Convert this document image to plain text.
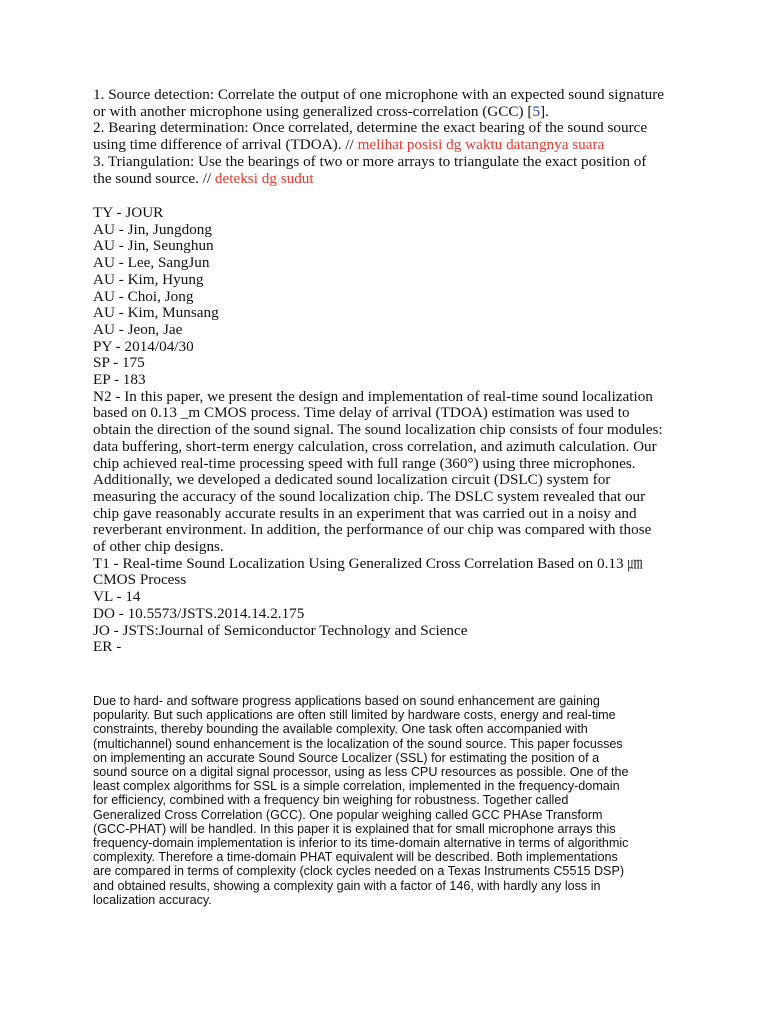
1. Source detection: Correlate the output of one microphone with an expected sound signature
or with another microphone using generalized cross-correlation (GCC) [5].
2. Bearing determination: Once correlated, determine the exact bearing of the sound source
using time difference of arrival (TDOA). // melihat posisi dg waktu datangnya suara
3. Triangulation: Use the bearings of two or more arrays to triangulate the exact position of
the sound source. // deteksi dg sudut
TY - JOUR
AU - Jin, Jungdong
AU - Jin, Seunghun
AU - Lee, SangJun
AU - Kim, Hyung
AU - Choi, Jong
AU - Kim, Munsang
AU - Jeon, Jae
PY - 2014/04/30
SP - 175
EP - 183
N2 - In this paper, we present the design and implementation of real-time sound localization
based on 0.13 _m CMOS process. Time delay of arrival (TDOA) estimation was used to
obtain the direction of the sound signal. The sound localization chip consists of four modules:
data buffering, short-term energy calculation, cross correlation, and azimuth calculation. Our
chip achieved real-time processing speed with full range (360°) using three microphones.
Additionally, we developed a dedicated sound localization circuit (DSLC) system for
measuring the accuracy of the sound localization chip. The DSLC system revealed that our
chip gave reasonably accurate results in an experiment that was carried out in a noisy and
reverberant environment. In addition, the performance of our chip was compared with those
of other chip designs.
T1 - Real-time Sound Localization Using Generalized Cross Correlation Based on 0.13 ㎛
CMOS Process
VL - 14
DO - 10.5573/JSTS.2014.14.2.175
JO - JSTS:Journal of Semiconductor Technology and Science
ER -
Due to hard- and software progress applications based on sound enhancement are gaining
popularity. But such applications are often still limited by hardware costs, energy and real-time
constraints, thereby bounding the available complexity. One task often accompanied with
(multichannel) sound enhancement is the localization of the sound source. This paper focusses
on implementing an accurate Sound Source Localizer (SSL) for estimating the position of a
sound source on a digital signal processor, using as less CPU resources as possible. One of the
least complex algorithms for SSL is a simple correlation, implemented in the frequency-domain
for efficiency, combined with a frequency bin weighing for robustness. Together called
Generalized Cross Correlation (GCC). One popular weighing called GCC PHAse Transform
(GCC-PHAT) will be handled. In this paper it is explained that for small microphone arrays this
frequency-domain implementation is inferior to its time-domain alternative in terms of algorithmic
complexity. Therefore a time-domain PHAT equivalent will be described. Both implementations
are compared in terms of complexity (clock cycles needed on a Texas Instruments C5515 DSP)
and obtained results, showing a complexity gain with a factor of 146, with hardly any loss in
localization accuracy.
